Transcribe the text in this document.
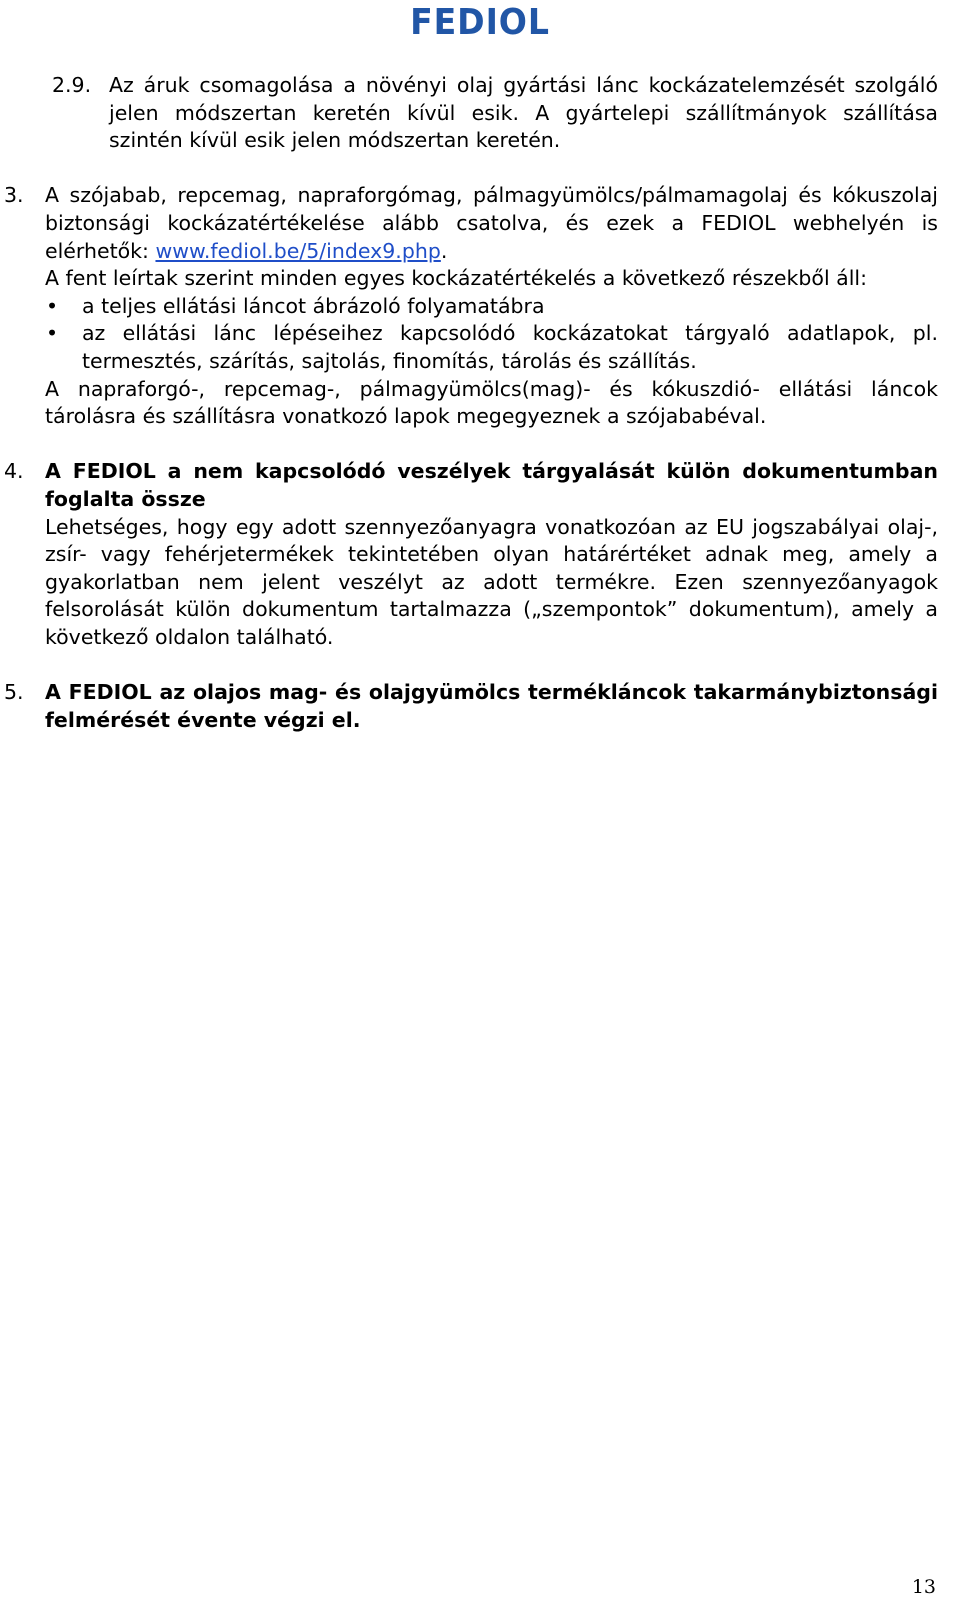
FEDIOL
2.9. Az áruk csomagolása a növényi olaj gyártási lánc kockázatelemzését szolgáló jelen módszertan keretén kívül esik. A gyártelepi szállítmányok szállítása szintén kívül esik jelen módszertan keretén.
3. A szójabab, repcemag, napraforgómag, pálmagyümölcs/pálmamagolaj és kókuszolaj biztonsági kockázatértékelése alább csatolva, és ezek a FEDIOL webhelyén is elérhetők: www.fediol.be/5/index9.php.
A fent leírtak szerint minden egyes kockázatértékelés a következő részekből áll:
• a teljes ellátási láncot ábrázoló folyamatábra
• az ellátási lánc lépéseihez kapcsolódó kockázatokat tárgyaló adatlapok, pl. termesztés, szárítás, sajtolás, finomítás, tárolás és szállítás.
A napraforgó-, repcemag-, pálmagyümölcs(mag)- és kókuszdió- ellátási láncok tárolásra és szállításra vonatkozó lapok megegyeznek a szójababéval.
4. A FEDIOL a nem kapcsolódó veszélyek tárgyalását külön dokumentumban foglalta össze
Lehetséges, hogy egy adott szennyezőanyagra vonatkozóan az EU jogszabályai olaj-, zsír- vagy fehérjetermékek tekintetében olyan határértéket adnak meg, amely a gyakorlatban nem jelent veszélyt az adott termékre. Ezen szennyezőanyagok felsorolását külön dokumentum tartalmazza („szempontok” dokumentum), amely a következő oldalon található.
5. A FEDIOL az olajos mag- és olajgyümölcs termékláncok takarmánybiztonsági felmérését évente végzi el.
13
